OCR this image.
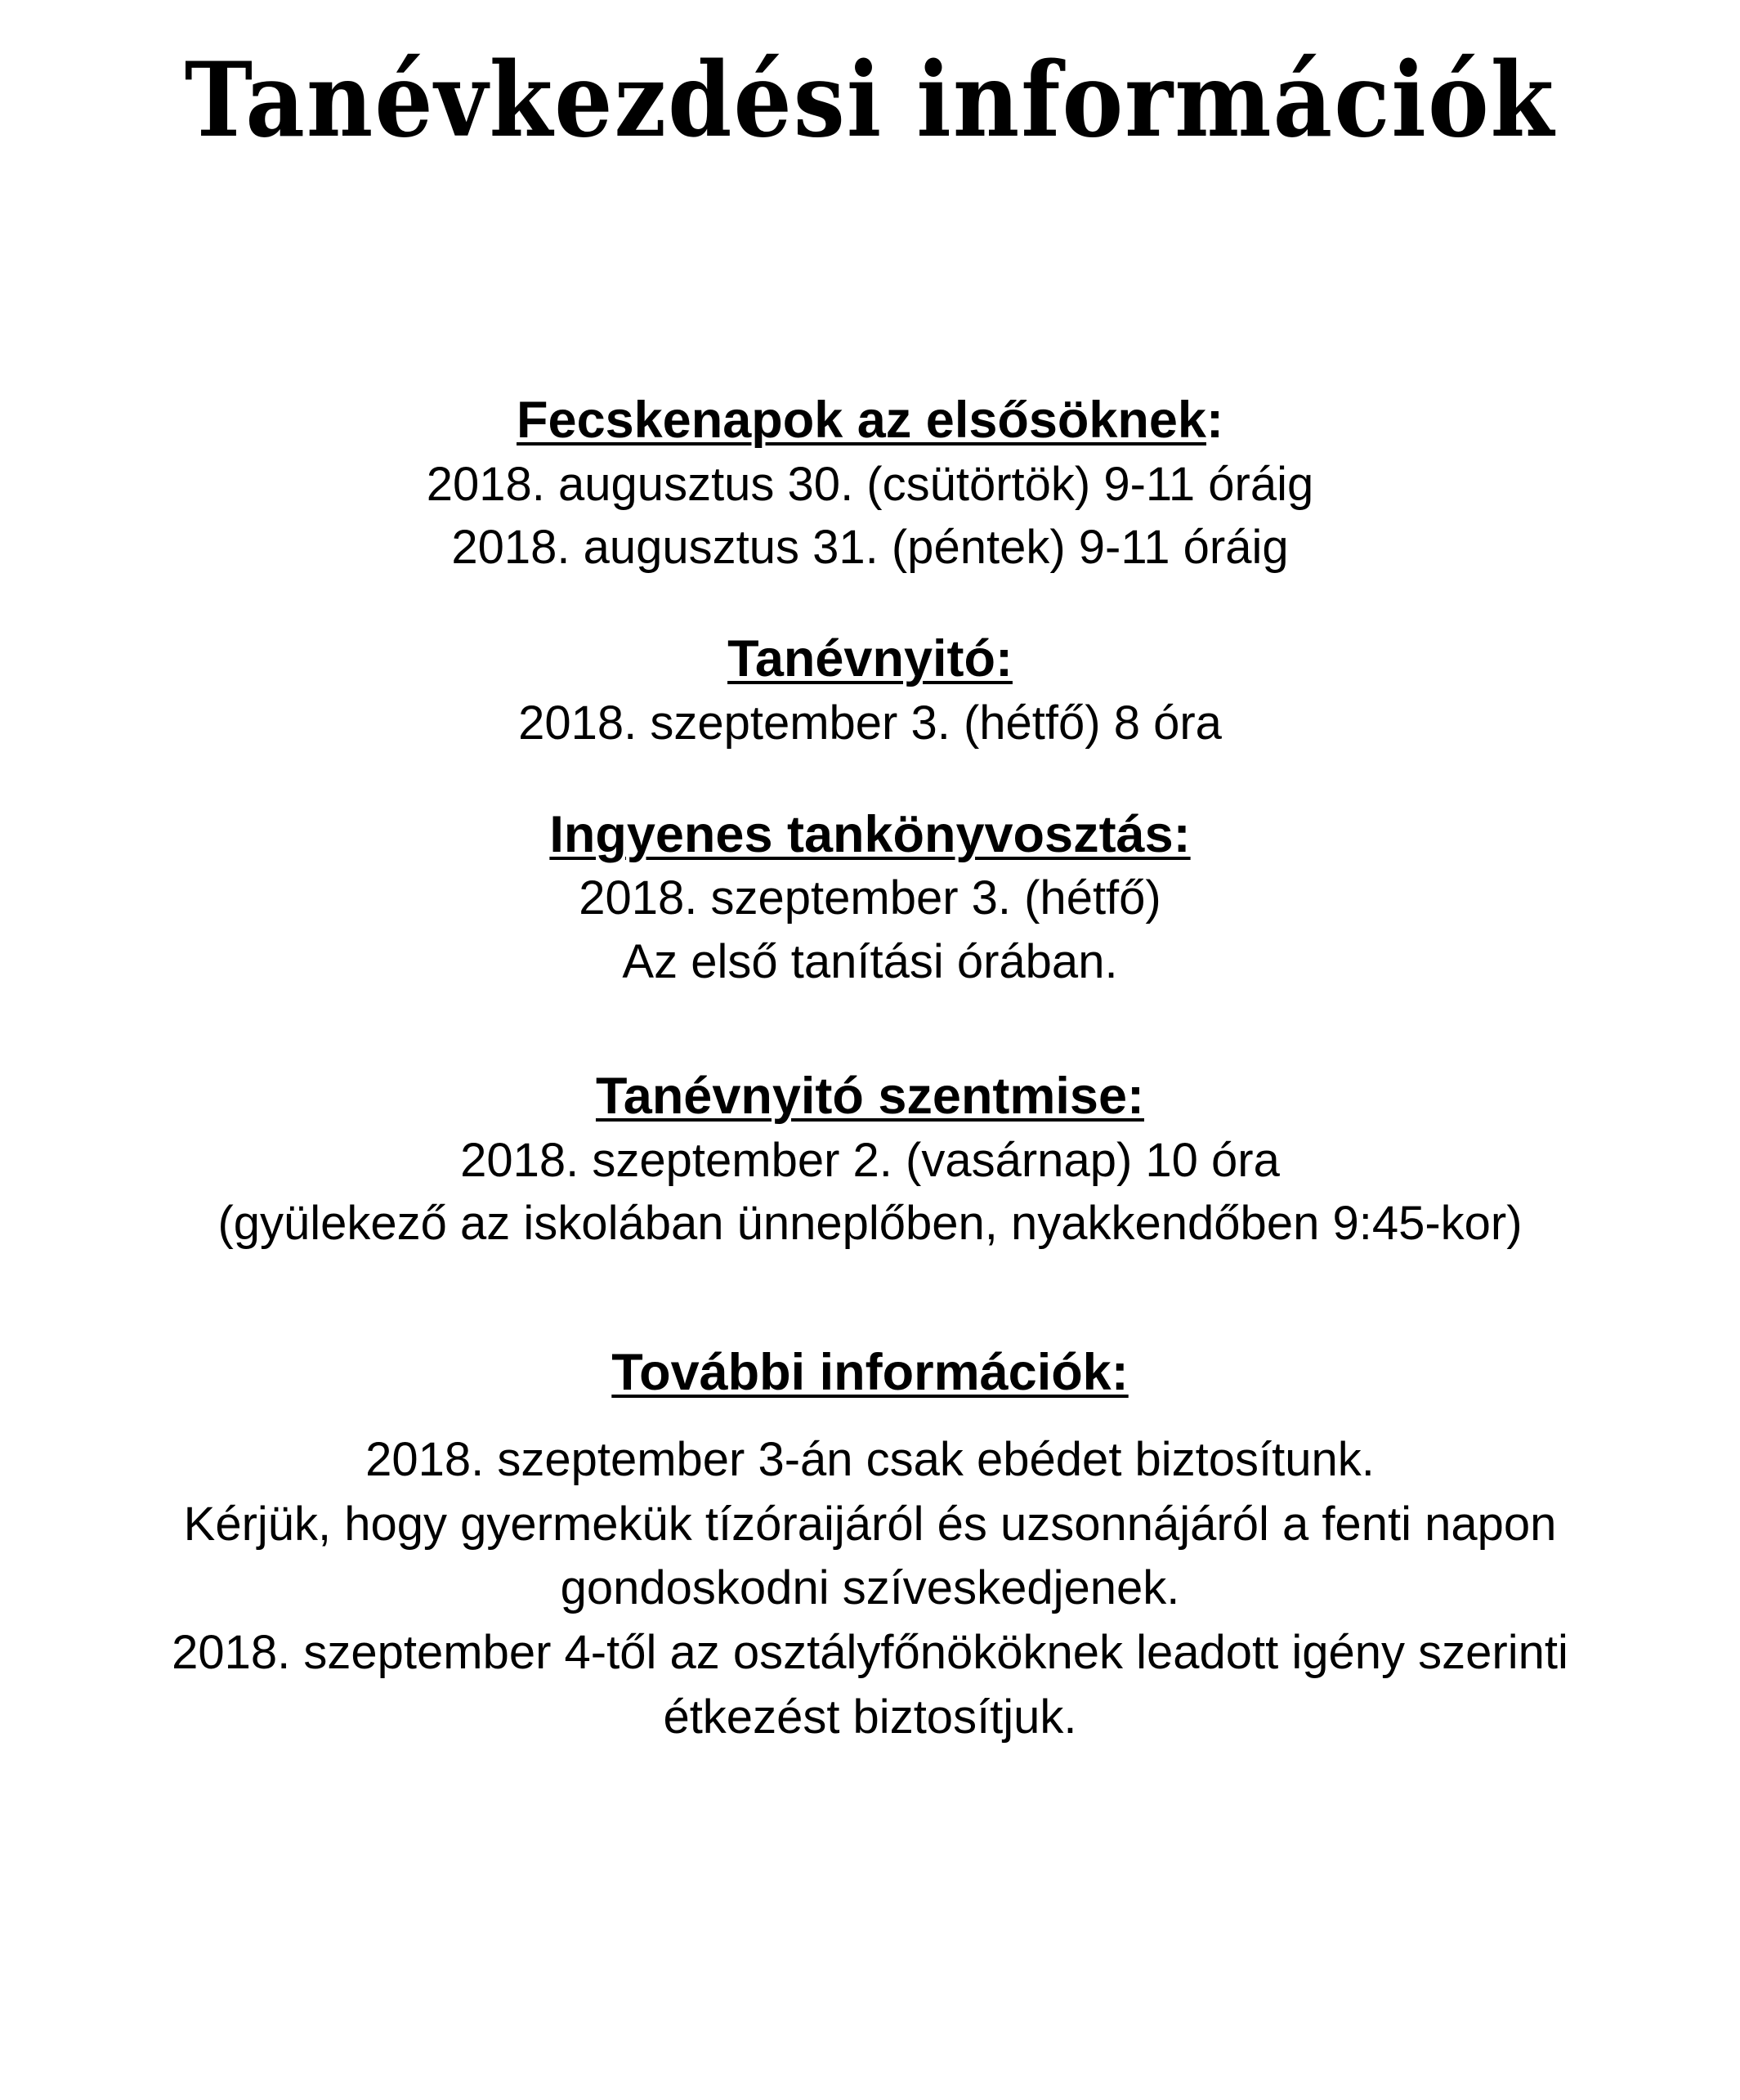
Tanévkezdési információk
Fecskenapok az elsősöknek:

2018. augusztus 30. (csütörtök) 9-11 óráig

2018. augusztus 31. (péntek) 9-11 óráig

Tanévnyitó:

2018. szeptember 3. (hétfő) 8 óra

Ingyenes tankönyvosztás:

2018. szeptember 3. (hétfő)

Az első tanítási órában.

Tanévnyitó szentmise:

2018. szeptember 2. (vasárnap) 10 óra

(gyülekező az iskolában ünneplőben, nyakkendőben 9:45-kor)

További információk:

2018. szeptember 3-án csak ebédet biztosítunk.

Kérjük, hogy gyermekük tízóraijáról és uzsonnájáról a fenti napon

gondoskodni szíveskedjenek.

2018. szeptember 4-től az osztályfőnököknek leadott igény szerinti

étkezést biztosítjuk.
